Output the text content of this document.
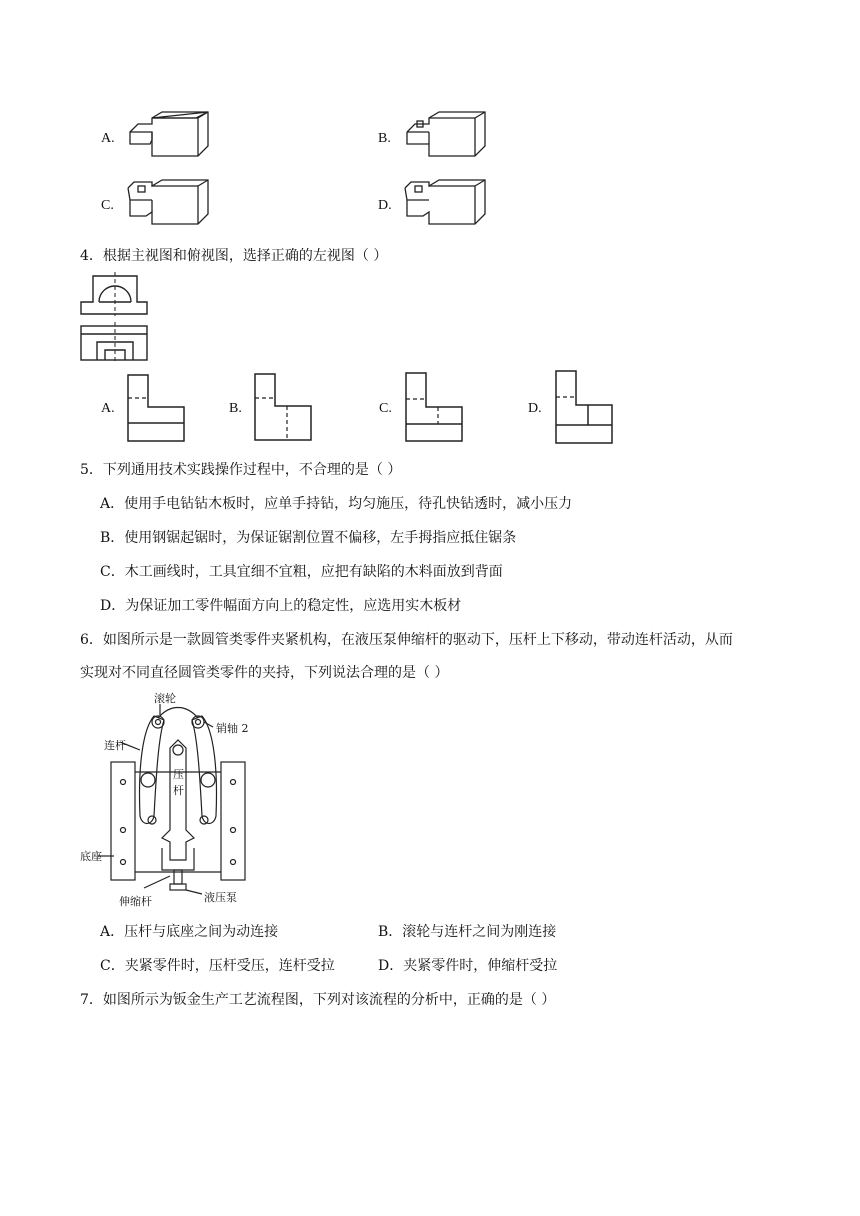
A.	B.
C.	D.
4．根据主视图和俯视图，选择正确的左视图（ ）
A.	B.	C.	D.
5．下列通用技术实践操作过程中，不合理的是（ ）
A．使用手电钻钻木板时，应单手持钻，均匀施压，待孔快钻透时，减小压力
B．使用钢锯起锯时，为保证锯割位置不偏移，左手拇指应抵住锯条
C．木工画线时，工具宜细不宜粗，应把有缺陷的木料面放到背面
D．为保证加工零件幅面方向上的稳定性，应选用实木板材
6．如图所示是一款圆管类零件夹紧机构，在液压泵伸缩杆的驱动下，压杆上下移动，带动连杆活动，从而
实现对不同直径圆管类零件的夹持，下列说法合理的是（ ）
滚轮
销轴 2
连杆
压
杆
底座
伸缩杆	液压泵
A．压杆与底座之间为动连接	B．滚轮与连杆之间为刚连接
C．夹紧零件时，压杆受压，连杆受拉	D．夹紧零件时，伸缩杆受拉
7．如图所示为钣金生产工艺流程图，下列对该流程的分析中，正确的是（ ）
